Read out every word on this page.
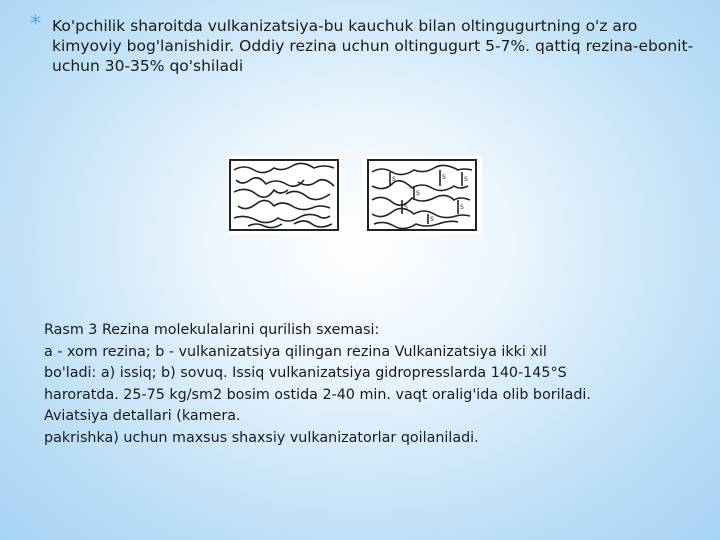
* Ko'pchilik sharoitda vulkanizatsiya-bu kauchuk bilan oltingugurtning o'z aro kimyoviy bog'lanishidir. Oddiy rezina uchun oltingugurt 5-7%. qattiq rezina-ebonit-uchun 30-35% qo'shiladi

S
S
S
S
S
S
S
Rasm 3 Rezina molekulalarini qurilish sxemasi:
a - xom rezina; b - vulkanizatsiya qilingan rezina Vulkanizatsiya ikki xil
bo'ladi: a) issiq; b) sovuq. Issiq vulkanizatsiya gidropresslarda 140-145°S
haroratda. 25-75 kg/sm2 bosim ostida 2-40 min. vaqt oralig'ida olib boriladi.
Aviatsiya detallari (kamera.
pakrishka) uchun maxsus shaxsiy vulkanizatorlar qoilaniladi.
